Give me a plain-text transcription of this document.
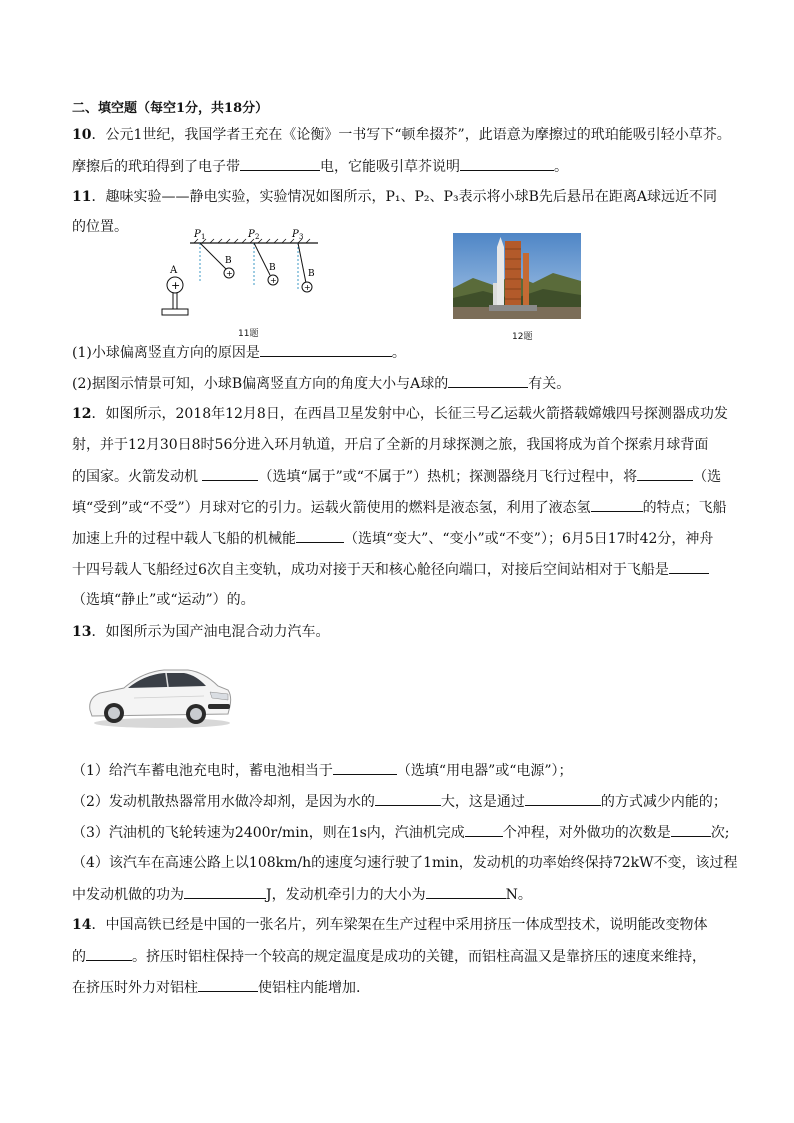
二、填空题（每空1分，共18分）
10．公元1世纪，我国学者王充在《论衡》一书写下“顿牟掇芥”，此语意为摩擦过的玳珀能吸引轻小草芥。
摩擦后的玳珀得到了电子带	电，它能吸引草芥说明	。
11．趣味实验——静电实验，实验情况如图所示，P₁、P₂、P₃表示将小球B先后悬吊在距离A球远近不同
的位置。	P 1	P 2	P 3
+
B
+
B
+
B
A
+
11题	12题
(1)小球偏离竖直方向的原因是	。
(2)据图示情景可知，小球B偏离竖直方向的角度大小与A球的	有关。
12．如图所示，2018年12月8日，在西昌卫星发射中心，长征三号乙运载火箭搭载嫦娥四号探测器成功发
射，并于12月30日8时56分进入环月轨道，开启了全新的月球探测之旅，我国将成为首个探索月球背面
的国家。火箭发动机	（选填“属于”或“不属于”）热机；探测器绕月飞行过程中，将	（选
填“受到”或“不受”）月球对它的引力。运载火箭使用的燃料是液态氢，利用了液态氢	的特点；飞船
加速上升的过程中载人飞船的机械能	（选填“变大”、“变小”或“不变”）；6月5日17时42分，神舟
十四号载人飞船经过6次自主变轨，成功对接于天和核心舱径向端口，对接后空间站相对于飞船是
（选填“静止”或“运动”）的。
13．如图所示为国产油电混合动力汽车。
（1）给汽车蓄电池充电时，蓄电池相当于	（选填“用电器”或“电源”）；
（2）发动机散热器常用水做冷却剂，是因为水的	大，这是通过	的方式减少内能的；
（3）汽油机的飞轮转速为2400r/min，则在1s内，汽油机完成	个冲程，对外做功的次数是	次;
（4）该汽车在高速公路上以108km/h的速度匀速行驶了1min，发动机的功率始终保持72kW不变，该过程
中发动机做的功为	J，发动机牵引力的大小为	N。
14．中国高铁已经是中国的一张名片，列车梁架在生产过程中采用挤压一体成型技术，说明能改变物体
的	。挤压时铝柱保持一个较高的规定温度是成功的关键，而铝柱高温又是靠挤压的速度来维持，
在挤压时外力对铝柱	使铝柱内能增加.
